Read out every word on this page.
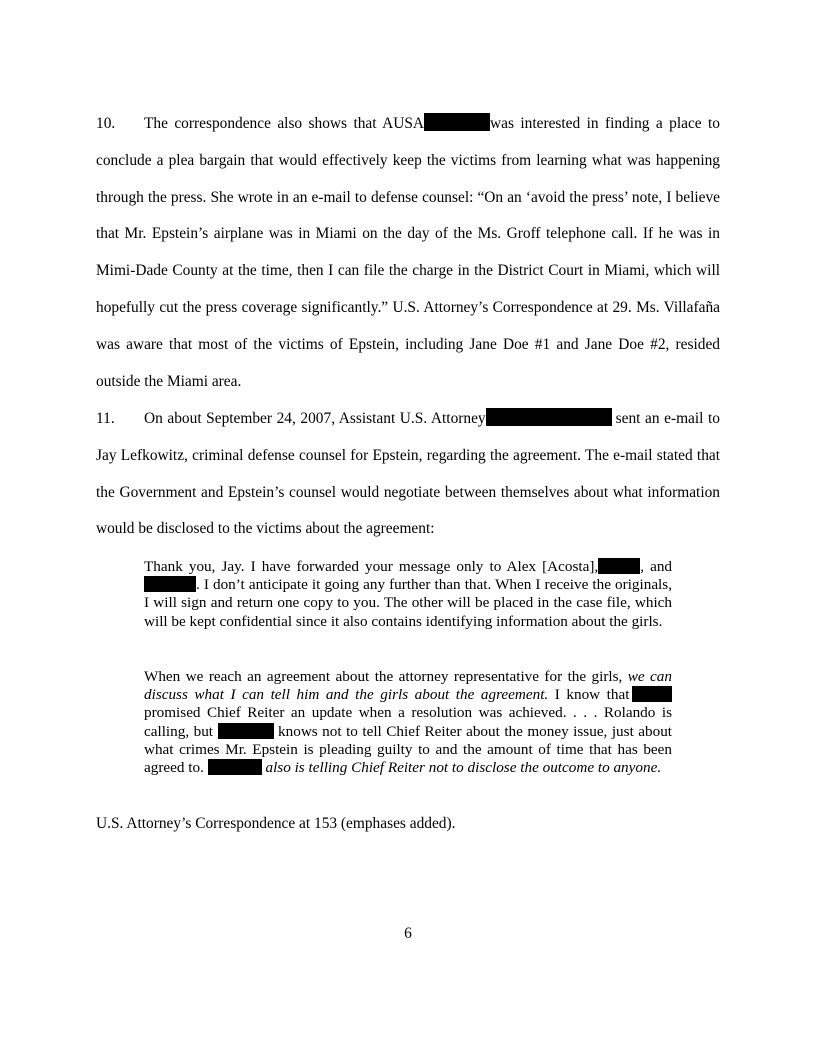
10. The correspondence also shows that AUSA	was interested in finding a place to conclude a plea bargain that would effectively keep the victims from learning what was happening through the press. She wrote in an e-mail to defense counsel: “On an ‘avoid the press’ note, I believe that Mr. Epstein’s airplane was in Miami on the day of the Ms. Groff telephone call. If he was in Mimi-Dade County at the time, then I can file the charge in the District Court in Miami, which will hopefully cut the press coverage significantly.” U.S. Attorney’s Correspondence at 29. Ms. Villafaña was aware that most of the victims of Epstein, including Jane Doe #1 and Jane Doe #2, resided outside the Miami area.
11. On about September 24, 2007, Assistant U.S. Attorney	sent an e-mail to Jay Lefkowitz, criminal defense counsel for Epstein, regarding the agreement. The e-mail stated that the Government and Epstein’s counsel would negotiate between themselves about what information would be disclosed to the victims about the agreement:
Thank you, Jay. I have forwarded your message only to Alex [Acosta],	, and. I don’t anticipate it going any further than that. When I receive the originals, I will sign and return one copy to you. The other will be placed in the case file, which will be kept confidential since it also contains identifying information about the girls.
When we reach an agreement about the attorney representative for the girls, we can discuss what I can tell him and the girls about the agreement. I know that  promised Chief Reiter an update when a resolution was achieved. . . . Rolando is calling, but	knows not to tell Chief Reiter about the money issue, just about what crimes Mr. Epstein is pleading guilty to and the amount of time that has been agreed to.	also is telling Chief Reiter not to disclose the outcome to anyone.
U.S. Attorney’s Correspondence at 153 (emphases added).
6
